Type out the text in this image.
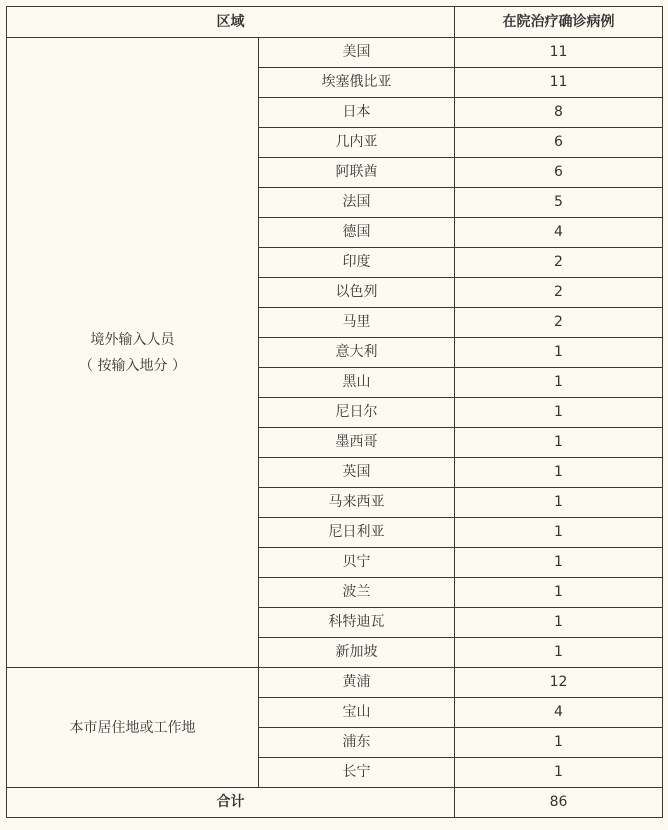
区域		在院治疗确诊病例

境外输入人员
（ 按输入地分 ）	美国	11
	埃塞俄比亚	11
	日本	8
	几内亚	6
	阿联酋	6
	法国	5
	德国	4
	印度	2
	以色列	2
	马里	2
	意大利	1
	黑山	1
	尼日尔	1
	墨西哥	1
	英国	1
	马来西亚	1
	尼日利亚	1
	贝宁	1
	波兰	1
	科特迪瓦	1
	新加坡	1

本市居住地或工作地	黄浦	12
	宝山	4
	浦东	1
	长宁	1
合计		86
